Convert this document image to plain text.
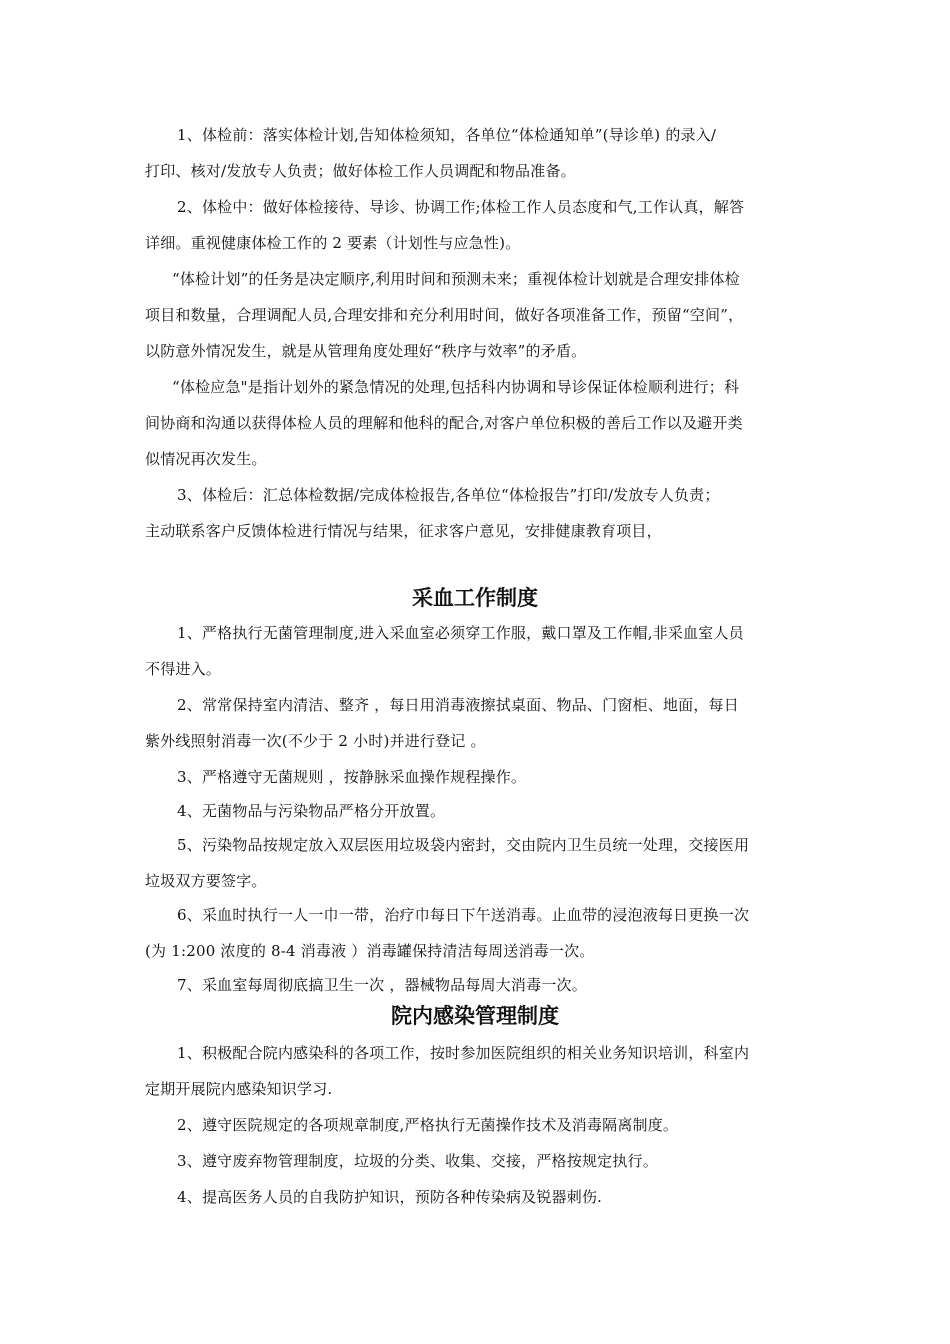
1、体检前：落实体检计划,告知体检须知，各单位“体检通知单”(导诊单) 的录入/
打印、核对/发放专人负责；做好体检工作人员调配和物品准备。
2、体检中：做好体检接待、导诊、协调工作;体检工作人员态度和气,工作认真，解答
详细。重视健康体检工作的 2 要素（计划性与应急性)。
“体检计划”的任务是决定顺序,利用时间和预测未来；重视体检计划就是合理安排体检
项目和数量，合理调配人员,合理安排和充分利用时间，做好各项准备工作，预留“空间”，
以防意外情况发生，就是从管理角度处理好“秩序与效率”的矛盾。
“体检应急"是指计划外的紧急情况的处理,包括科内协调和导诊保证体检顺利进行；科
间协商和沟通以获得体检人员的理解和他科的配合,对客户单位积极的善后工作以及避开类
似情况再次发生。
3、体检后：汇总体检数据/完成体检报告,各单位“体检报告”打印/发放专人负责；
主动联系客户反馈体检进行情况与结果，征求客户意见，安排健康教育项目，
采血工作制度
1、严格执行无菌管理制度,进入采血室必须穿工作服，戴口罩及工作帽,非采血室人员
不得进入。
2、常常保持室内清洁、整齐 ，每日用消毒液擦拭桌面、物品、门窗柜、地面，每日
紫外线照射消毒一次(不少于 2 小时)并进行登记 。
3、严格遵守无菌规则 ，按静脉采血操作规程操作。
4、无菌物品与污染物品严格分开放置。
5、污染物品按规定放入双层医用垃圾袋内密封，交由院内卫生员统一处理，交接医用
垃圾双方要签字。
6、采血时执行一人一巾一带，治疗巾每日下午送消毒。止血带的浸泡液每日更换一次
(为 1:200 浓度的 8-4 消毒液 ）消毒罐保持清洁每周送消毒一次。
7、采血室每周彻底搞卫生一次 ，器械物品每周大消毒一次。
院内感染管理制度
1、积极配合院内感染科的各项工作，按时参加医院组织的相关业务知识培训，科室内
定期开展院内感染知识学习.
2、遵守医院规定的各项规章制度,严格执行无菌操作技术及消毒隔离制度。
3、遵守废弃物管理制度，垃圾的分类、收集、交接，严格按规定执行。
4、提高医务人员的自我防护知识，预防各种传染病及锐器刺伤.
